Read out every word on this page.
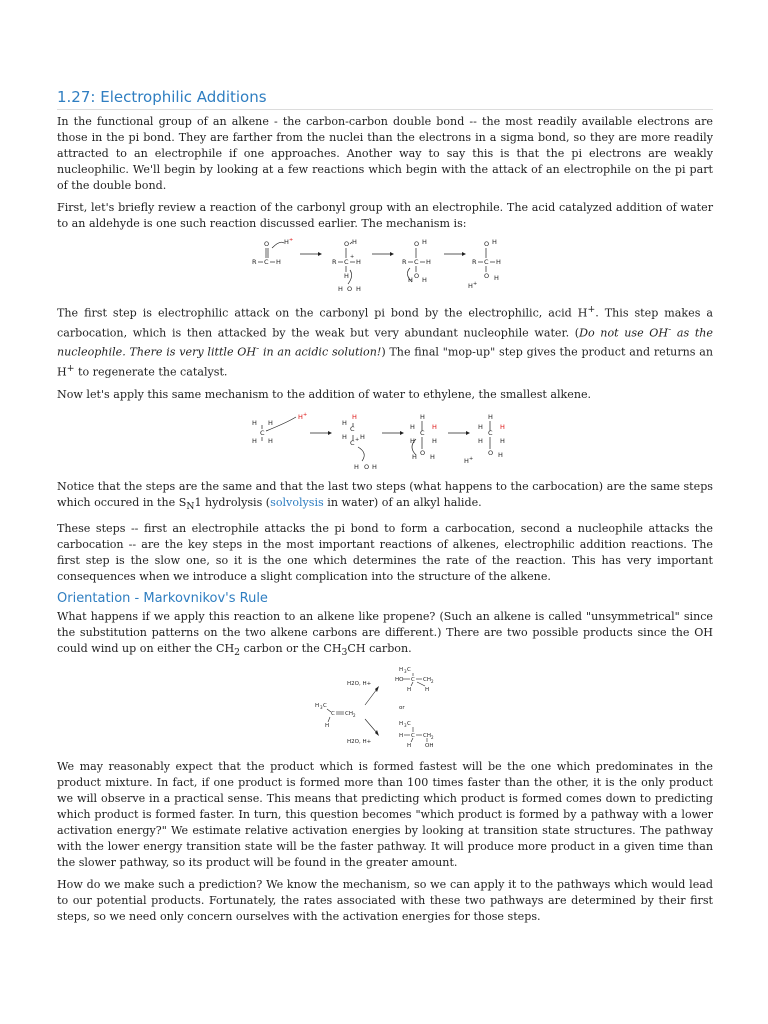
1.27: Electrophilic Additions

In the functional group of an alkene - the carbon-carbon double bond -- the most readily available electrons are those in the pi bond. They are farther from the nuclei than the electrons in a sigma bond, so they are more readily attracted to an electrophile if one approaches. Another way to say this is that the pi electrons are weakly nucleophilic. We'll begin by looking at a few reactions which begin with the attack of an electrophile on the pi part of the double bond.

First, let's briefly review a reaction of the carbonyl group with an electrophile. The acid catalyzed addition of water to an aldehyde is one such reaction discussed earlier. The mechanism is:

O
R C H
H +	O H
R C H
H
+
H O H
O H
R C H
O
H H
O H
R C H
O H
H +

The first step is electrophilic attack on the carbonyl pi bond by the electrophilic, acid H+. This step makes a carbocation, which is then attacked by the weak but very abundant nucleophile water. (Do not use OH- as the nucleophile. There is very little OH- in an acidic solution!) The final "mop-up" step gives the product and returns an H+ to regenerate the catalyst.

Now let's apply this same mechanism to the addition of water to ethylene, the smallest alkene.

H H
H H
C
H +
H
H
H H
C
C +
H O H
H
H	H
H	H
C
O
H H
H
H	H
H	H
C
O H
H +

Notice that the steps are the same and that the last two steps (what happens to the carbocation) are the same steps which occured in the $S_N1$ hydrolysis (solvolysis in water) of an alkyl halide.

These steps -- first an electrophile attacks the pi bond to form a carbocation, second a nucleophile attacks the carbocation -- are the key steps in the most important reactions of alkenes, electrophilic addition reactions. The first step is the slow one, so it is the one which determines the rate of the reaction. This has very important consequences when we introduce a slight complication into the structure of the alkene.

Orientation - Markovnikov's Rule

What happens if we apply this reaction to an alkene like propene? (Such an alkene is called "unsymmetrical" since the substitution patterns on the two alkene carbons are different.) There are two possible products since the OH could wind up on either the $CH_2$ carbon or the $CH_3CH$ carbon.

H 3 C
C CH 2
H
H2O, H+
H2O, H+
H 3 C
HO C CH 2
H	H
or
H 3 C
H C CH 2
H	OH

We may reasonably expect that the product which is formed fastest will be the one which predominates in the product mixture. In fact, if one product is formed more than 100 times faster than the other, it is the only product we will observe in a practical sense. This means that predicting which product is formed comes down to predicting which product is formed faster. In turn, this question becomes "which product is formed by a pathway with a lower activation energy?" We estimate relative activation energies by looking at transition state structures. The pathway with the lower energy transition state will be the faster pathway. It will produce more product in a given time than the slower pathway, so its product will be found in the greater amount.

How do we make such a prediction? We know the mechanism, so we can apply it to the pathways which would lead to our potential products. Fortunately, the rates associated with these two pathways are determined by their first steps, so we need only concern ourselves with the activation energies for those steps.
